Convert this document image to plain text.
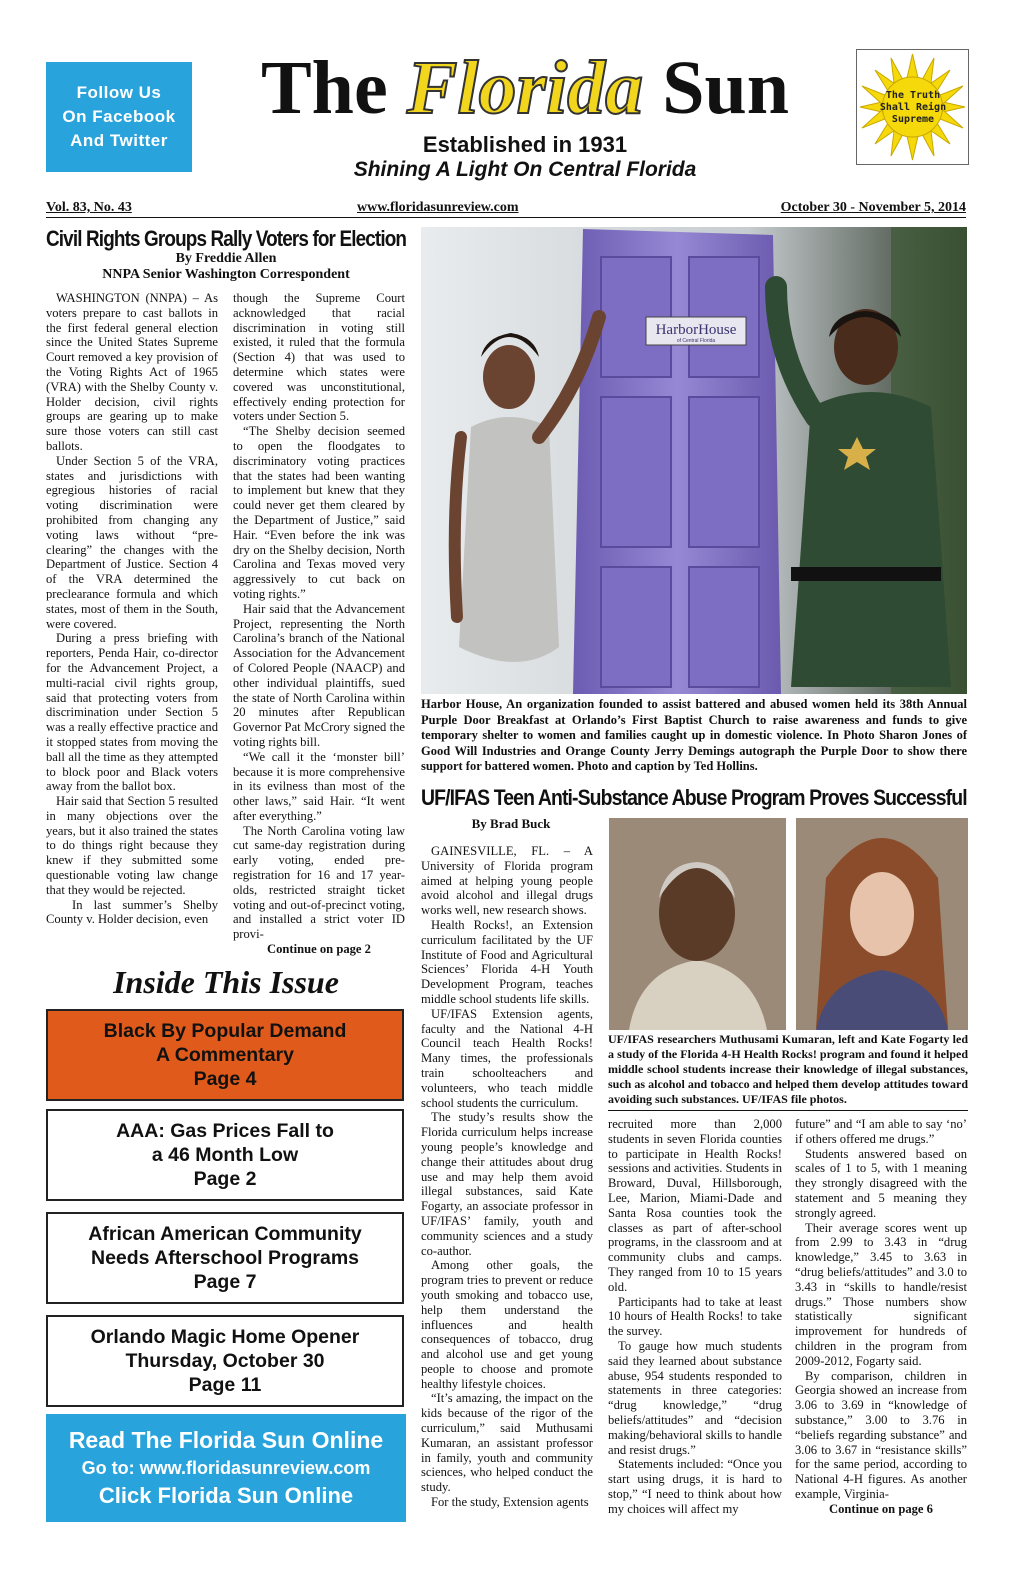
Follow Us
On Facebook
And Twitter
The Florida Sun
Established in 1931
Shining A Light On Central Florida
The Truth
Shall Reign
Supreme
Vol. 83, No. 43	www.floridasunreview.com	October 30 - November 5, 2014
Civil Rights Groups Rally Voters for Election
By Freddie Allen
NNPA Senior Washington Correspondent

WASHINGTON (NNPA) – As voters prepare to cast ballots in the first federal general election since the United States Supreme Court removed a key provision of the Voting Rights Act of 1965 (VRA) with the Shelby County v. Holder decision, civil rights groups are gearing up to make sure those voters can still cast ballots.

Under Section 5 of the VRA, states and jurisdictions with egregious histories of racial voting discrimination were prohibited from changing any voting laws without “pre-clearing” the changes with the Department of Justice. Section 4 of the VRA determined the preclearance formula and which states, most of them in the South, were covered.

During a press briefing with reporters, Penda Hair, co-director for the Advancement Project, a multi-racial civil rights group, said that protecting voters from discrimination under Section 5 was a really effective practice and it stopped states from moving the ball all the time as they attempted to block poor and Black voters away from the ballot box.

Hair said that Section 5 resulted in many objections over the years, but it also trained the states to do things right because they knew if they submitted some questionable voting law change that they would be rejected.

In last summer’s Shelby County v. Holder decision, even

though the Supreme Court acknowledged that racial discrimination in voting still existed, it ruled that the formula (Section 4) that was used to determine which states were covered was unconstitutional, effectively ending protection for voters under Section 5.

“The Shelby decision seemed to open the floodgates to discriminatory voting practices that the states had been wanting to implement but knew that they could never get them cleared by the Department of Justice,” said Hair. “Even before the ink was dry on the Shelby decision, North Carolina and Texas moved very aggressively to cut back on voting rights.”

Hair said that the Advancement Project, representing the North Carolina’s branch of the National Association for the Advancement of Colored People (NAACP) and other individual plaintiffs, sued the state of North Carolina within 20 minutes after Republican Governor Pat McCrory signed the voting rights bill.

“We call it the ‘monster bill’ because it is more comprehensive in its evilness than most of the other laws,” said Hair. “It went after everything.”

The North Carolina voting law cut same-day registration during early voting, ended pre-registration for 16 and 17 year-olds, restricted straight ticket voting and out-of-precinct voting, and installed a strict voter ID provi-

Continue on page 2

Inside This Issue
Black By Popular Demand
A Commentary
Page 4
AAA: Gas Prices Fall to
a 46 Month Low
Page 2
African American Community
Needs Afterschool Programs
Page 7
Orlando Magic Home Opener
Thursday, October 30
Page 11
Read The Florida Sun Online
Go to: www.floridasunreview.com
Click Florida Sun Online
HarborHouse
of Central Florida
Harbor House, An organization founded to assist battered and abused women held its 38th Annual Purple Door Breakfast at Orlando’s First Baptist Church to raise awareness and funds to give temporary shelter to women and families caught up in domestic violence. In Photo Sharon Jones of Good Will Industries and Orange County Jerry Demings autograph the Purple Door to show there support for battered women. Photo and caption by Ted Hollins.
UF/IFAS Teen Anti-Substance Abuse Program Proves Successful
By Brad Buck

GAINESVILLE, FL. – A University of Florida program aimed at helping young people avoid alcohol and illegal drugs works well, new research shows.

Health Rocks!, an Extension curriculum facilitated by the UF Institute of Food and Agricultural Sciences’ Florida 4-H Youth Development Program, teaches middle school students life skills.

UF/IFAS Extension agents, faculty and the National 4-H Council teach Health Rocks! Many times, the professionals train schoolteachers and volunteers, who teach middle school students the curriculum.

The study’s results show the Florida curriculum helps increase young people’s knowledge and change their attitudes about drug use and may help them avoid illegal substances, said Kate Fogarty, an associate professor in UF/IFAS’ family, youth and community sciences and a study co-author.

Among other goals, the program tries to prevent or reduce youth smoking and tobacco use, help them understand the influences and health consequences of tobacco, drug and alcohol use and get young people to choose and promote healthy lifestyle choices.

“It’s amazing, the impact on the kids because of the rigor of the curriculum,” said Muthusami Kumaran, an assistant professor in family, youth and community sciences, who helped conduct the study.

For the study, Extension agents

UF/IFAS researchers Muthusami Kumaran, left and Kate Fogarty led a study of the Florida 4-H Health Rocks! program and found it helped middle school students increase their knowledge of illegal substances, such as alcohol and tobacco and helped them develop attitudes toward avoiding such substances. UF/IFAS file photos.

recruited more than 2,000 students in seven Florida counties to participate in Health Rocks! sessions and activities. Students in Broward, Duval, Hillsborough, Lee, Marion, Miami-Dade and Santa Rosa counties took the classes as part of after-school programs, in the classroom and at community clubs and camps. They ranged from 10 to 15 years old.

Participants had to take at least 10 hours of Health Rocks! to take the survey.

To gauge how much students said they learned about substance abuse, 954 students responded to statements in three categories: “drug knowledge,” “drug beliefs/attitudes” and “decision making/behavioral skills to handle and resist drugs.”

Statements included: “Once you start using drugs, it is hard to stop,” “I need to think about how my choices will affect my

future” and “I am able to say ‘no’ if others offered me drugs.”

Students answered based on scales of 1 to 5, with 1 meaning they strongly disagreed with the statement and 5 meaning they strongly agreed.

Their average scores went up from 2.99 to 3.43 in “drug knowledge,” 3.45 to 3.63 in “drug beliefs/attitudes” and 3.0 to 3.43 in “skills to handle/resist drugs.” Those numbers show statistically significant improvement for hundreds of children in the program from 2009-2012, Fogarty said.

By comparison, children in Georgia showed an increase from 3.06 to 3.69 in “knowledge of substance,” 3.00 to 3.76 in “beliefs regarding substance” and 3.06 to 3.67 in “resistance skills” for the same period, according to National 4-H figures. As another example, Virginia-

Continue on page 6
